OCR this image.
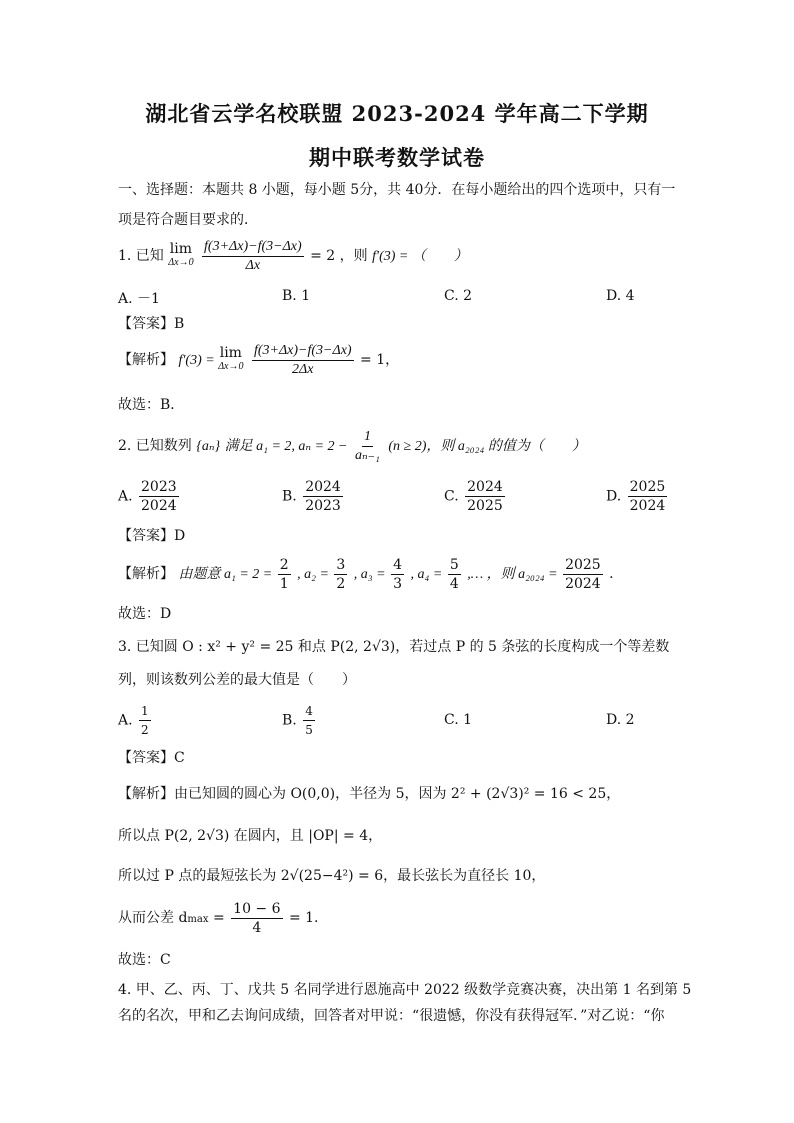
湖北省云学名校联盟 2023-2024 学年高二下学期
期中联考数学试卷
一、选择题：本题共 8 小题，每小题 5分，共 40分．在每小题给出的四个选项中，只有一
项是符合题目要求的．
1. 已知 lim
Δx→0
$\frac{f(3+\Delta x)-f(3-\Delta x)}{\Delta x} = 2$ ，则 f′(3) = （　　）
A. －1	B. 1	C. 2	D. 4
【答案】B
【解析】 f′(3) = lim
Δx→0
$\frac{f(3+\Delta x)-f(3-\Delta x)}{2\Delta x} = 1$，
故选：B．
2. 已知数列 {aₙ} 满足 a₁ = 2, $a_n = 2 - \frac{1}{\text{aₙ₋₁}} (n \ge 2)$，则 a₂₀₂₄ 的值为（　　）
A. $\frac{2023}{2024}$	B. $\frac{2024}{2023}$	C. $\frac{2024}{2025}$	D. $\frac{2025}{2024}$
【答案】D
【解析】 由题意 $a_1 = 2 = \frac{2}{1}$ , $a_2 = \frac{3}{2}$ , $a_3 = \frac{4}{3}$ , $a_4 = \frac{5}{4}$ ,… ，则 $a_{2024} = \frac{2025}{2024}$ .
故选：D
3. 已知圆 O : x² + y² = 25 和点 P(2, 2√3)，若过点 P 的 5 条弦的长度构成一个等差数
列，则该数列公差的最大值是（　　）
A. $\frac{1}{2}$	B. $\frac{4}{5}$	C. 1	D. 2
【答案】C
【解析】由已知圆的圆心为 O(0,0)，半径为 5，因为 2² + (2√3)² = 16 < 25，
所以点 P(2, 2√3) 在圆内，且 |OP| = 4，
所以过 P 点的最短弦长为 2√(25−4²) = 6，最长弦长为直径长 10，
从而公差 $dmax = \frac{10 - 6}{4} = 1$.
故选：C
4. 甲、乙、丙、丁、戊共 5 名同学进行恩施高中 2022 级数学竞赛决赛，决出第 1 名到第 5
名的名次，甲和乙去询问成绩，回答者对甲说：“很遗憾，你没有获得冠军．”对乙说：“你
